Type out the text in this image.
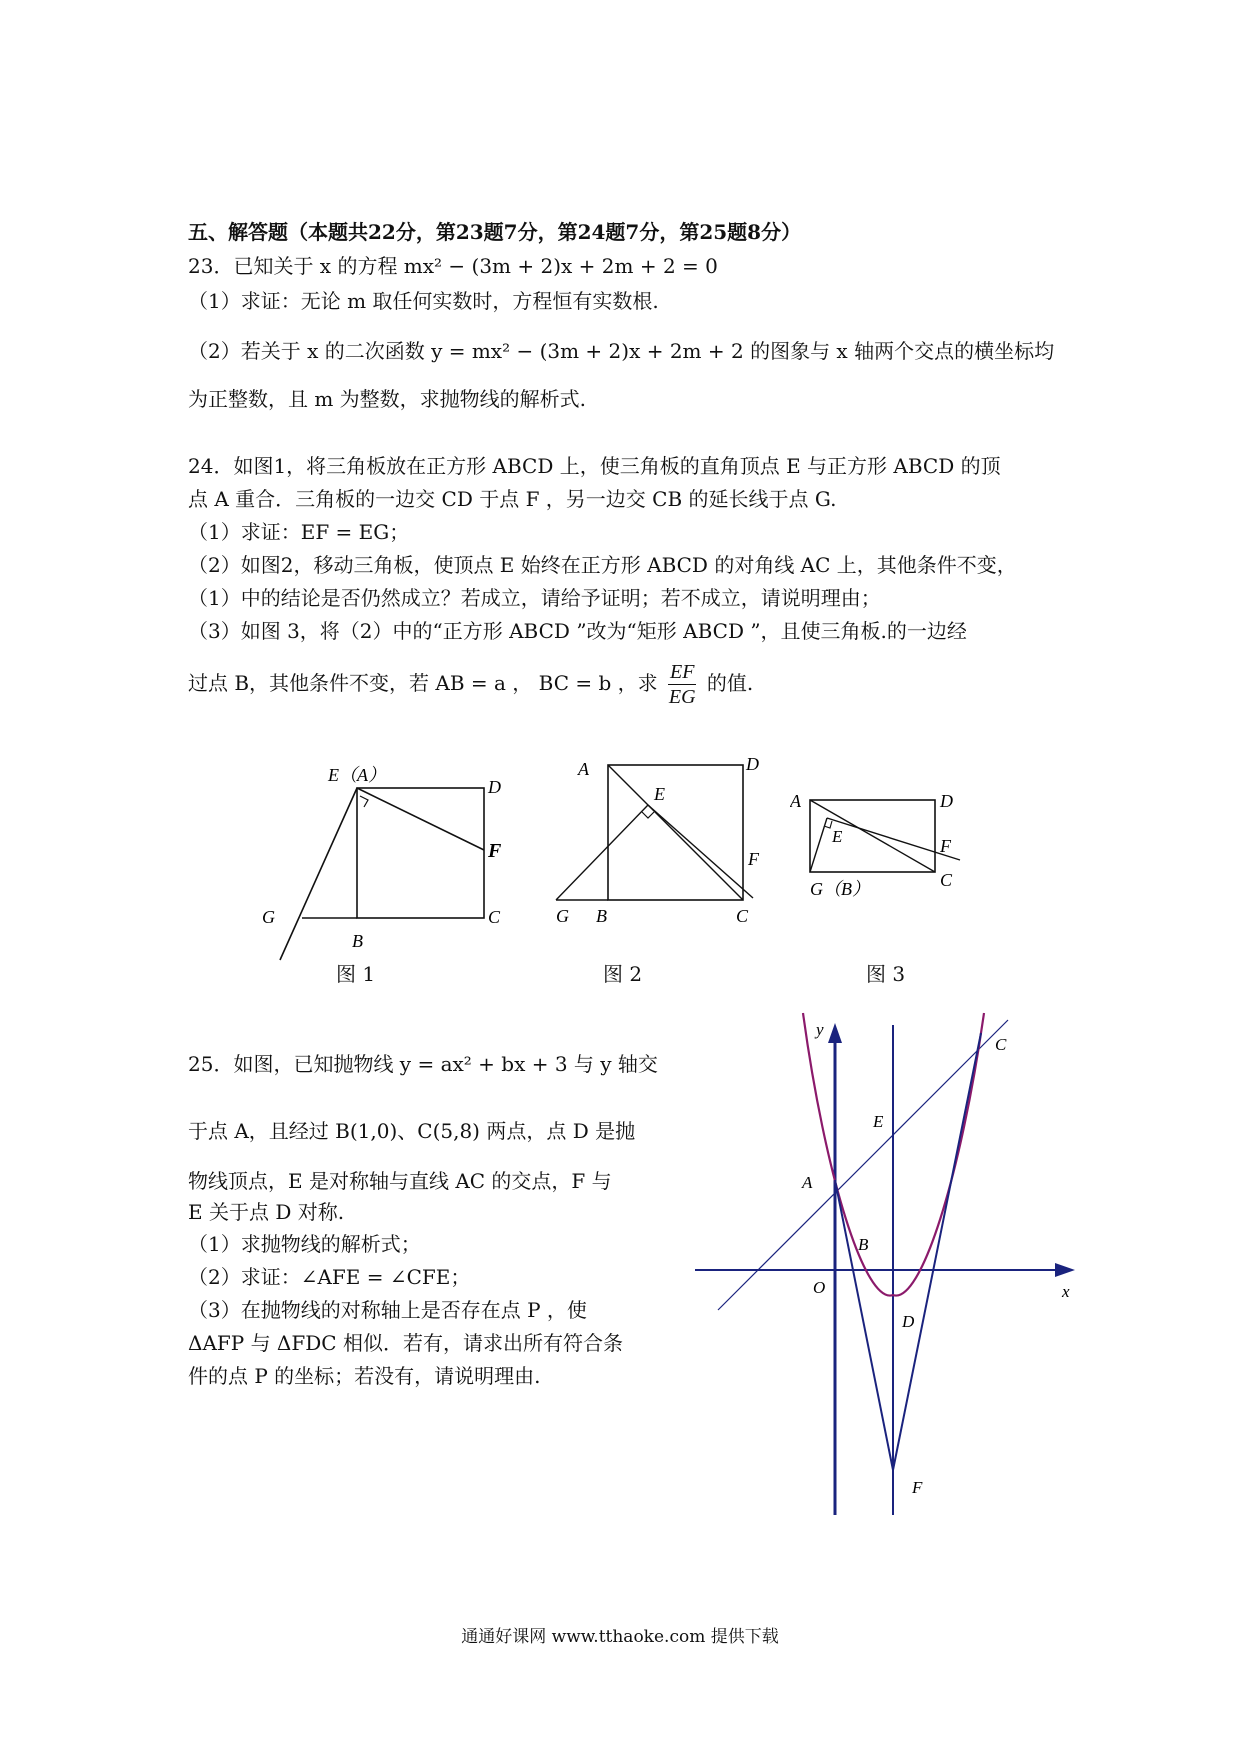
五、解答题（本题共22分，第23题7分，第24题7分，第25题8分）
23．已知关于 x 的方程 mx² − (3m + 2)x + 2m + 2 = 0
（1）求证：无论 m 取任何实数时，方程恒有实数根.
（2）若关于 x 的二次函数 y = mx² − (3m + 2)x + 2m + 2 的图象与 x 轴两个交点的横坐标均
为正整数，且 m 为整数，求抛物线的解析式.
24．如图1，将三角板放在正方形 ABCD 上，使三角板的直角顶点 E 与正方形 ABCD 的顶
点 A 重合．三角板的一边交 CD 于点 F ，另一边交 CB 的延长线于点 G.
（1）求证：EF = EG；
（2）如图2，移动三角板，使顶点 E 始终在正方形 ABCD 的对角线 AC 上，其他条件不变，
（1）中的结论是否仍然成立？若成立，请给予证明；若不成立，请说明理由；
（3）如图 3，将（2）中的“正方形 ABCD ”改为“矩形 ABCD ”，且使三角板.的一边经
过点 B，其他条件不变，若 AB = a ， BC = b ，求 $\frac{EF}{EG}$ 的值.
E（A）
D
F
G
B
C
图 1
A	D
E
F
G B	C
图 2
A	D
E	F
G（B）	C
图 3
25．如图，已知抛物线 y = ax² + bx + 3 与 y 轴交
于点 A，且经过 B(1,0)、C(5,8) 两点，点 D 是抛
物线顶点，E 是对称轴与直线 AC 的交点，F 与
E 关于点 D 对称.
（1）求抛物线的解析式；
（2）求证：∠AFE = ∠CFE；
（3）在抛物线的对称轴上是否存在点 P ，使
ΔAFP 与 ΔFDC 相似．若有，请求出所有符合条
件的点 P 的坐标；若没有，请说明理由.
y
x
O
A
B
C
D
E
F
通通好课网 www.tthaoke.com 提供下载
